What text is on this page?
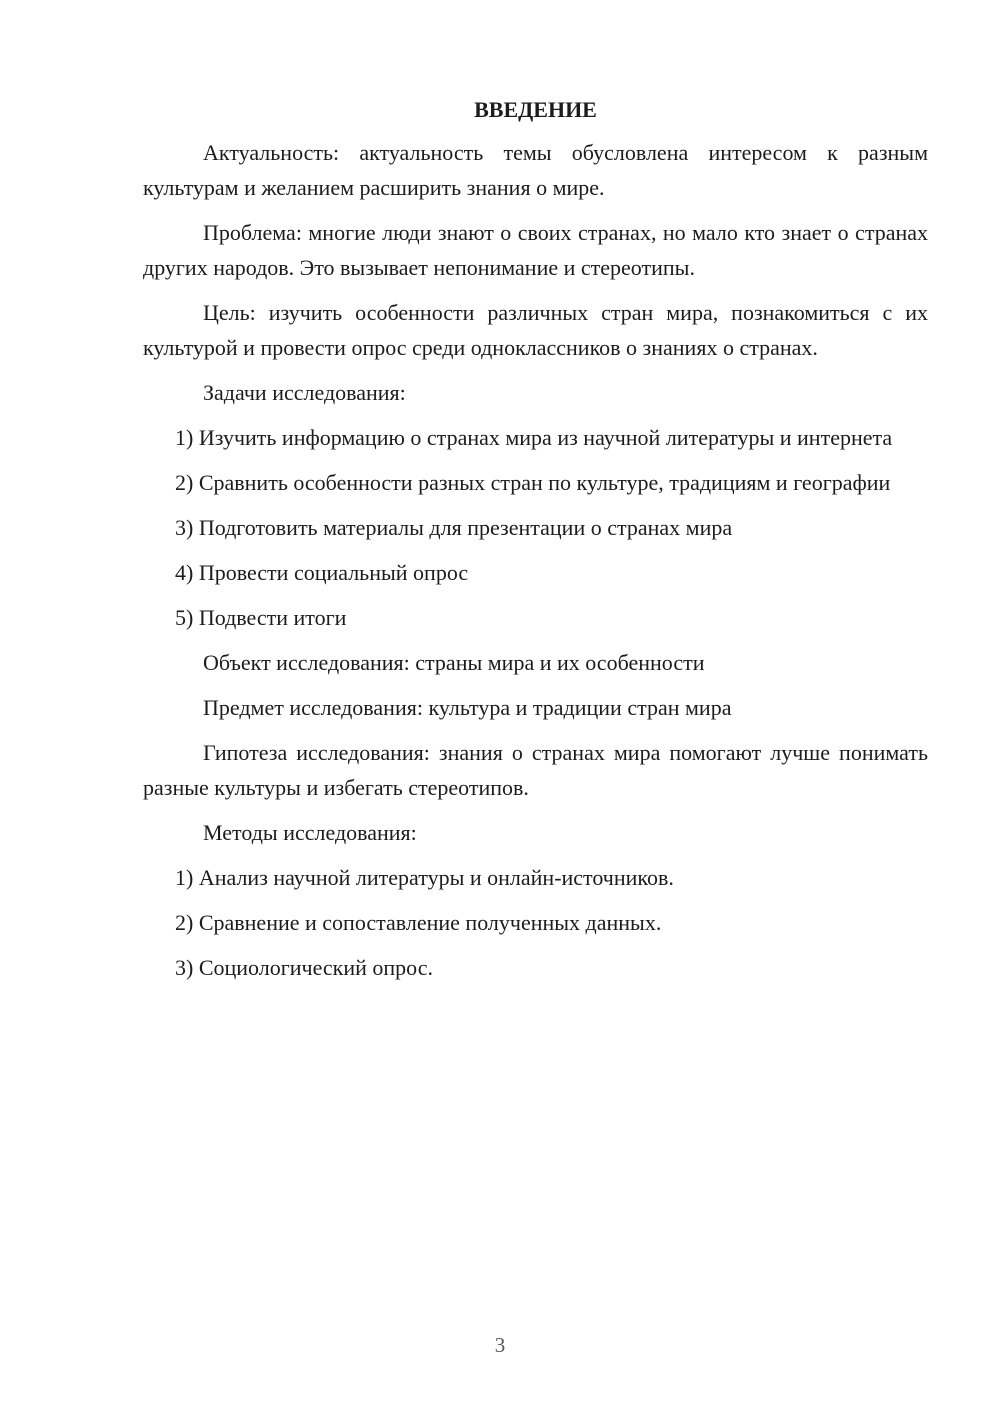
ВВЕДЕНИЕ
Актуальность: актуальность темы обусловлена интересом к разным культурам и желанием расширить знания о мире.
Проблема: многие люди знают о своих странах, но мало кто знает о странах других народов. Это вызывает непонимание и стереотипы.
Цель: изучить особенности различных стран мира, познакомиться с их культурой и провести опрос среди одноклассников о знаниях о странах.
Задачи исследования:
1) Изучить информацию о странах мира из научной литературы и интернета
2) Сравнить особенности разных стран по культуре, традициям и географии
3) Подготовить материалы для презентации о странах мира
4) Провести социальный опрос
5) Подвести итоги
Объект исследования: страны мира и их особенности
Предмет исследования: культура и традиции стран мира
Гипотеза исследования: знания о странах мира помогают лучше понимать разные культуры и избегать стереотипов.
Методы исследования:
1) Анализ научной литературы и онлайн-источников.
2) Сравнение и сопоставление полученных данных.
3) Социологический опрос.
3
